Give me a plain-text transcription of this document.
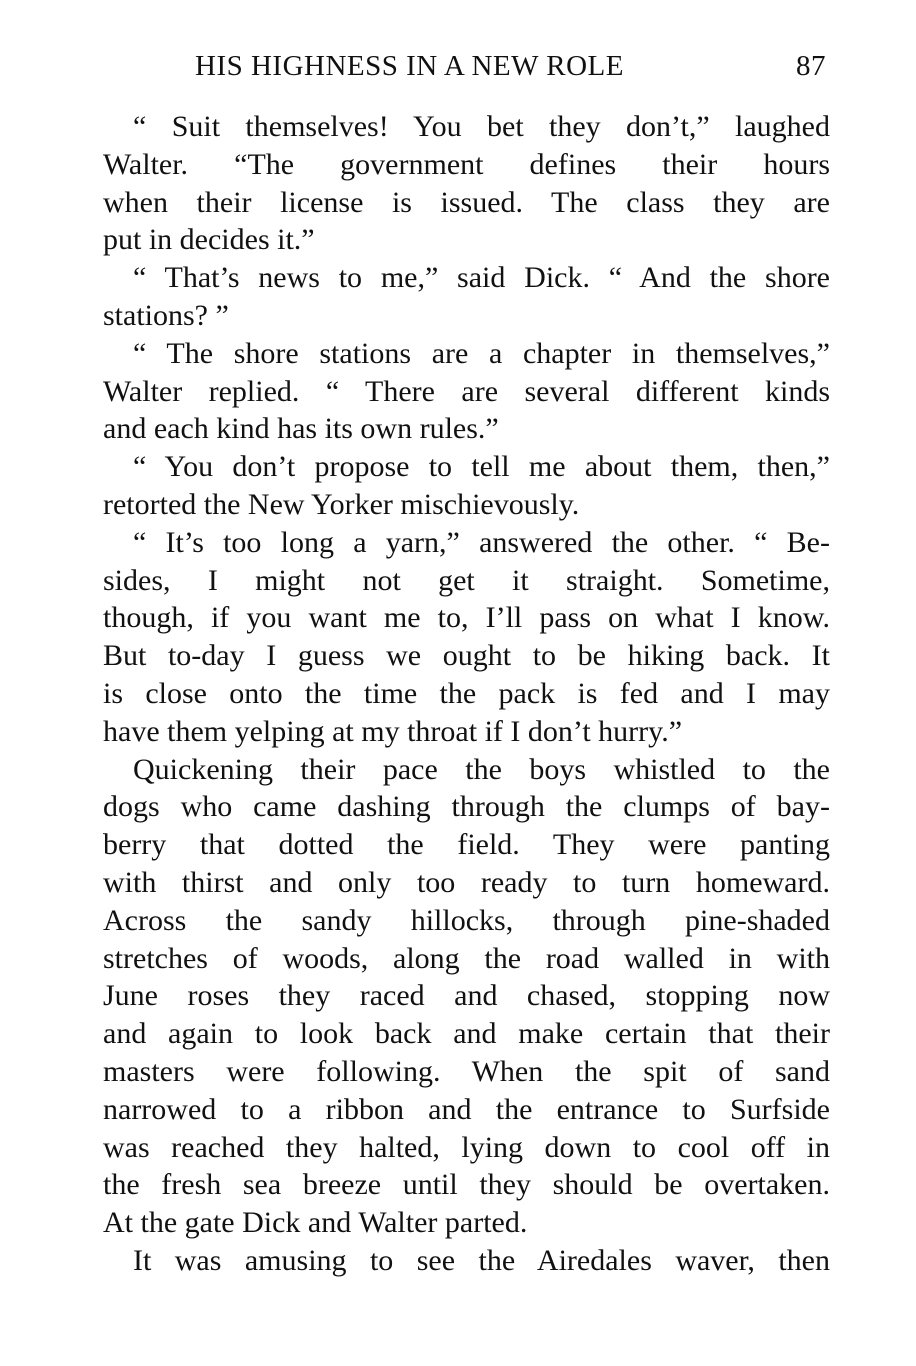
HIS HIGHNESS IN A NEW ROLE	87
“ Suit themselves! You bet they don’t,” laughed
Walter. “The government defines their hours
when their license is issued. The class they are
put in decides it.”
“ That’s news to me,” said Dick. “ And the shore
stations? ”
“ The shore stations are a chapter in themselves,”
Walter replied. “ There are several different kinds
and each kind has its own rules.”
“ You don’t propose to tell me about them, then,”
retorted the New Yorker mischievously.
“ It’s too long a yarn,” answered the other. “ Be-
sides, I might not get it straight. Sometime,
though, if you want me to, I’ll pass on what I know.
But to-day I guess we ought to be hiking back. It
is close onto the time the pack is fed and I may
have them yelping at my throat if I don’t hurry.”
Quickening their pace the boys whistled to the
dogs who came dashing through the clumps of bay-
berry that dotted the field. They were panting
with thirst and only too ready to turn homeward.
Across the sandy hillocks, through pine-shaded
stretches of woods, along the road walled in with
June roses they raced and chased, stopping now
and again to look back and make certain that their
masters were following. When the spit of sand
narrowed to a ribbon and the entrance to Surfside
was reached they halted, lying down to cool off in
the fresh sea breeze until they should be overtaken.
At the gate Dick and Walter parted.
It was amusing to see the Airedales waver, then
